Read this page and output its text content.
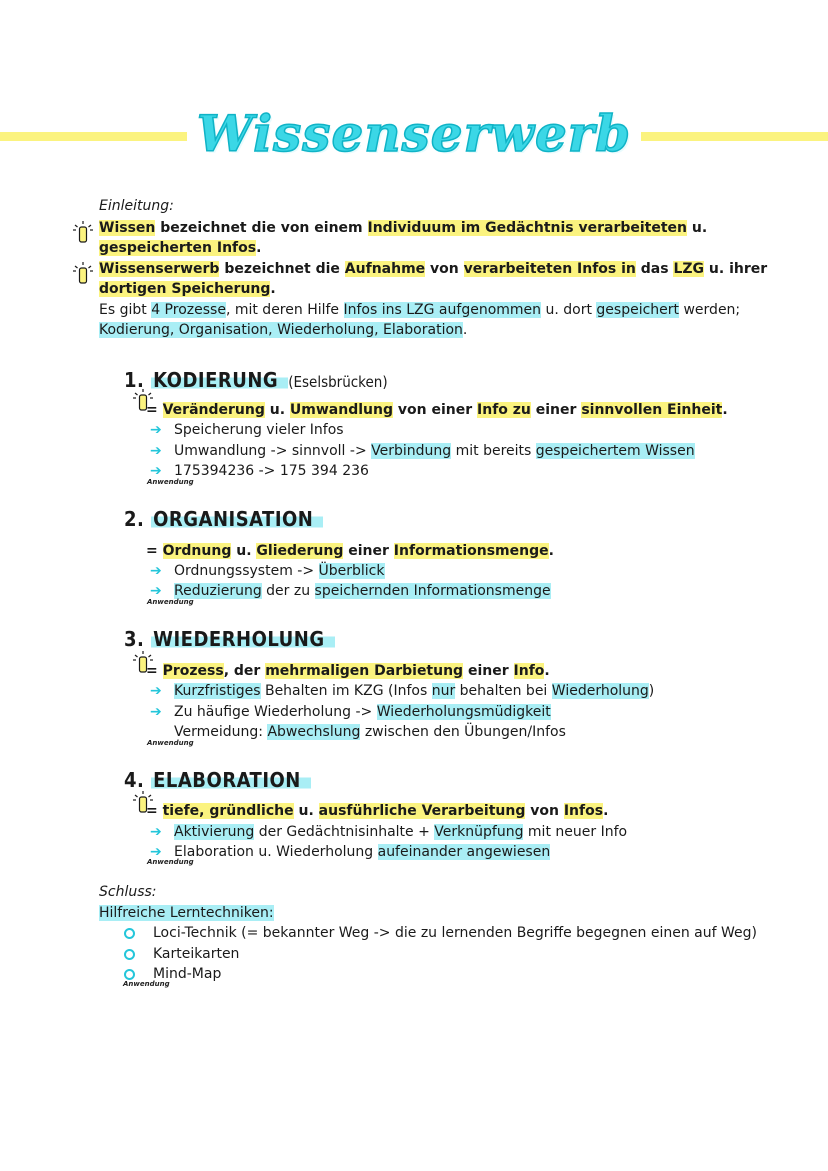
Wissenserwerb
Einleitung:
Wissen bezeichnet die von einem Individuum im Gedächtnis verarbeiteten u.
gespeicherten Infos.
Wissenserwerb bezeichnet die Aufnahme von verarbeiteten Infos in das LZG u. ihrer
dortigen Speicherung.
Es gibt 4 Prozesse, mit deren Hilfe Infos ins LZG aufgenommen u. dort gespeichert werden;
Kodierung, Organisation, Wiederholung, Elaboration.
1. KODIERUNG (Eselsbrücken)
= Veränderung u. Umwandlung von einer Info zu einer sinnvollen Einheit.
➔ Speicherung vieler Infos
➔ Umwandlung -> sinnvoll -> Verbindung mit bereits gespeichertem Wissen
➔ 175394236 -> 175 394 236
Anwendung
2. ORGANISATION
= Ordnung u. Gliederung einer Informationsmenge.
➔ Ordnungssystem -> Überblick
➔ Reduzierung der zu speichernden Informationsmenge
Anwendung
3. WIEDERHOLUNG
= Prozess, der mehrmaligen Darbietung einer Info.
➔ Kurzfristiges Behalten im KZG (Infos nur behalten bei Wiederholung)
➔ Zu häufige Wiederholung -> Wiederholungsmüdigkeit
Vermeidung: Abwechslung zwischen den Übungen/Infos
Anwendung
4. ELABORATION
= tiefe, gründliche u. ausführliche Verarbeitung von Infos.
➔ Aktivierung der Gedächtnisinhalte + Verknüpfung mit neuer Info
➔ Elaboration u. Wiederholung aufeinander angewiesen
Anwendung
Schluss:
Hilfreiche Lerntechniken:
Loci-Technik (= bekannter Weg -> die zu lernenden Begriffe begegnen einen auf Weg)
Karteikarten
Mind-Map
Anwendung
